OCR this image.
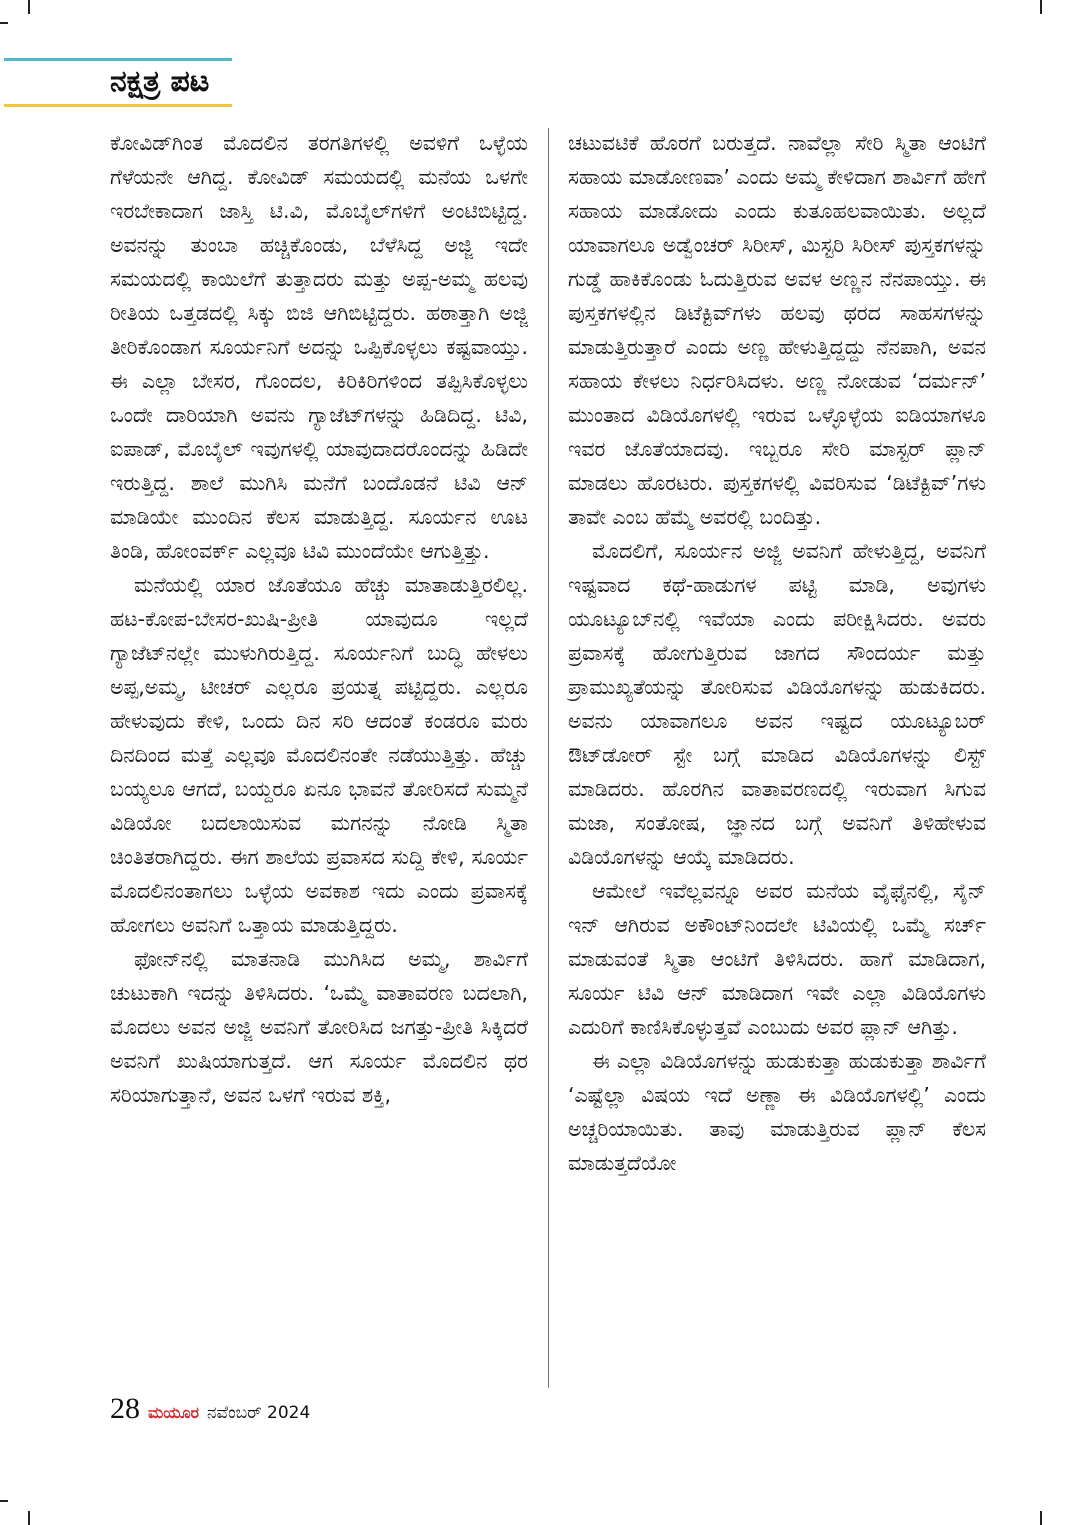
ನಕ್ಷತ್ರ ಪಟ

ಕೋವಿಡ್‌ಗಿಂತ ಮೊದಲಿನ ತರಗತಿಗಳಲ್ಲಿ ಅವಳಿಗೆ ಒಳ್ಳೆಯ ಗೆಳೆಯನೇ ಆಗಿದ್ದ. ಕೋವಿಡ್ ಸಮಯದಲ್ಲಿ ಮನೆಯ ಒಳಗೇ ಇರಬೇಕಾದಾಗ ಜಾಸ್ತಿ ಟಿ.ವಿ, ಮೊಬೈಲ್‌ಗಳಿಗೆ ಅಂಟಿಬಿಟ್ಟಿದ್ದ. ಅವನನ್ನು ತುಂಬಾ ಹಚ್ಚಿಕೊಂಡು, ಬೆಳೆಸಿದ್ದ ಅಜ್ಜಿ ಇದೇ ಸಮಯದಲ್ಲಿ ಕಾಯಿಲೆಗೆ ತುತ್ತಾದರು ಮತ್ತು ಅಪ್ಪ-ಅಮ್ಮ ಹಲವು ರೀತಿಯ ಒತ್ತಡದಲ್ಲಿ ಸಿಕ್ಕು ಬಿಜಿ ಆಗಿಬಿಟ್ಟಿದ್ದರು. ಹಠಾತ್ತಾಗಿ ಅಜ್ಜಿ ತೀರಿಕೊಂಡಾಗ ಸೂರ್ಯನಿಗೆ ಅದನ್ನು ಒಪ್ಪಿಕೊಳ್ಳಲು ಕಷ್ಟವಾಯ್ತು. ಈ ಎಲ್ಲಾ ಬೇಸರ, ಗೊಂದಲ, ಕಿರಿಕಿರಿಗಳಿಂದ ತಪ್ಪಿಸಿಕೊಳ್ಳಲು ಒಂದೇ ದಾರಿಯಾಗಿ ಅವನು ಗ್ಯಾಜೆಟ್‌ಗಳನ್ನು ಹಿಡಿದಿದ್ದ. ಟಿವಿ, ಐಪಾಡ್, ಮೊಬೈಲ್ ಇವುಗಳಲ್ಲಿ ಯಾವುದಾದರೊಂದನ್ನು ಹಿಡಿದೇ ಇರುತ್ತಿದ್ದ. ಶಾಲೆ ಮುಗಿಸಿ ಮನೆಗೆ ಬಂದೊಡನೆ ಟಿವಿ ಆನ್ ಮಾಡಿಯೇ ಮುಂದಿನ ಕೆಲಸ ಮಾಡುತ್ತಿದ್ದ. ಸೂರ್ಯನ ಊಟ ತಿಂಡಿ, ಹೋಂವರ್ಕ್ ಎಲ್ಲವೂ ಟಿವಿ ಮುಂದೆಯೇ ಆಗುತ್ತಿತ್ತು.

ಮನೆಯಲ್ಲಿ ಯಾರ ಜೊತೆಯೂ ಹೆಚ್ಚು ಮಾತಾಡುತ್ತಿರಲಿಲ್ಲ. ಹಟ-ಕೋಪ-ಬೇಸರ-ಖುಷಿ-ಪ್ರೀತಿ ಯಾವುದೂ ಇಲ್ಲದೆ ಗ್ಯಾಜೆಟ್‌ನಲ್ಲೇ ಮುಳುಗಿರುತ್ತಿದ್ದ. ಸೂರ್ಯನಿಗೆ ಬುದ್ಧಿ ಹೇಳಲು ಅಪ್ಪ,ಅಮ್ಮ, ಟೀಚರ್ ಎಲ್ಲರೂ ಪ್ರಯತ್ನ ಪಟ್ಟಿದ್ದರು. ಎಲ್ಲರೂ ಹೇಳುವುದು ಕೇಳಿ, ಒಂದು ದಿನ ಸರಿ ಆದಂತೆ ಕಂಡರೂ ಮರು ದಿನದಿಂದ ಮತ್ತೆ ಎಲ್ಲವೂ ಮೊದಲಿನಂತೇ ನಡೆಯುತ್ತಿತ್ತು. ಹೆಚ್ಚು ಬಯ್ಯಲೂ ಆಗದೆ, ಬಯ್ದರೂ ಏನೂ ಭಾವನೆ ತೋರಿಸದೆ ಸುಮ್ಮನೆ ವಿಡಿಯೋ ಬದಲಾಯಿಸುವ ಮಗನನ್ನು ನೋಡಿ ಸ್ಮಿತಾ ಚಿಂತಿತರಾಗಿದ್ದರು. ಈಗ ಶಾಲೆಯ ಪ್ರವಾಸದ ಸುದ್ದಿ ಕೇಳಿ, ಸೂರ್ಯ ಮೊದಲಿನಂತಾಗಲು ಒಳ್ಳೆಯ ಅವಕಾಶ ಇದು ಎಂದು ಪ್ರವಾಸಕ್ಕೆ ಹೋಗಲು ಅವನಿಗೆ ಒತ್ತಾಯ ಮಾಡುತ್ತಿದ್ದರು.

ಫೋನ್‌ನಲ್ಲಿ ಮಾತನಾಡಿ ಮುಗಿಸಿದ ಅಮ್ಮ, ಶಾರ್ವಿಗೆ ಚುಟುಕಾಗಿ ಇದನ್ನು ತಿಳಿಸಿದರು. ‘ಒಮ್ಮೆ ವಾತಾವರಣ ಬದಲಾಗಿ, ಮೊದಲು ಅವನ ಅಜ್ಜಿ ಅವನಿಗೆ ತೋರಿಸಿದ ಜಗತ್ತು-ಪ್ರೀತಿ ಸಿಕ್ಕಿದರೆ ಅವನಿಗೆ ಖುಷಿಯಾಗುತ್ತದೆ. ಆಗ ಸೂರ್ಯ ಮೊದಲಿನ ಥರ ಸರಿಯಾಗುತ್ತಾನೆ, ಅವನ ಒಳಗೆ ಇರುವ ಶಕ್ತಿ,

ಚಟುವಟಿಕೆ ಹೊರಗೆ ಬರುತ್ತದೆ. ನಾವೆಲ್ಲಾ ಸೇರಿ ಸ್ಮಿತಾ ಆಂಟಿಗೆ ಸಹಾಯ ಮಾಡೋಣವಾ’ ಎಂದು ಅಮ್ಮ ಕೇಳಿದಾಗ ಶಾರ್ವಿಗೆ ಹೇಗೆ ಸಹಾಯ ಮಾಡೋದು ಎಂದು ಕುತೂಹಲವಾಯಿತು. ಅಲ್ಲದೆ ಯಾವಾಗಲೂ ಅಡ್ವೆಂಚರ್ ಸಿರೀಸ್, ಮಿಸ್ಟರಿ ಸಿರೀಸ್ ಪುಸ್ತಕಗಳನ್ನು ಗುಡ್ಡೆ ಹಾಕಿಕೊಂಡು ಓದುತ್ತಿರುವ ಅವಳ ಅಣ್ಣನ ನೆನಪಾಯ್ತು. ಈ ಪುಸ್ತಕಗಳಲ್ಲಿನ ಡಿಟೆಕ್ಟಿವ್‌ಗಳು ಹಲವು ಥರದ ಸಾಹಸಗಳನ್ನು ಮಾಡುತ್ತಿರುತ್ತಾರೆ ಎಂದು ಅಣ್ಣ ಹೇಳುತ್ತಿದ್ದದ್ದು ನೆನಪಾಗಿ, ಅವನ ಸಹಾಯ ಕೇಳಲು ನಿರ್ಧರಿಸಿದಳು. ಅಣ್ಣ ನೋಡುವ ‘ದರ್ಮನ್’ ಮುಂತಾದ ವಿಡಿಯೊಗಳಲ್ಲಿ ಇರುವ ಒಳ್ಳೊಳ್ಳೆಯ ಐಡಿಯಾಗಳೂ ಇವರ ಜೊತೆಯಾದವು. ಇಬ್ಬರೂ ಸೇರಿ ಮಾಸ್ಟರ್ ಪ್ಲಾನ್ ಮಾಡಲು ಹೊರಟರು. ಪುಸ್ತಕಗಳಲ್ಲಿ ವಿವರಿಸುವ ‘ಡಿಟೆಕ್ಟಿವ್’ಗಳು ತಾವೇ ಎಂಬ ಹೆಮ್ಮೆ ಅವರಲ್ಲಿ ಬಂದಿತ್ತು.

ಮೊದಲಿಗೆ, ಸೂರ್ಯನ ಅಜ್ಜಿ ಅವನಿಗೆ ಹೇಳುತ್ತಿದ್ದ, ಅವನಿಗೆ ಇಷ್ಟವಾದ ಕಥೆ-ಹಾಡುಗಳ ಪಟ್ಟಿ ಮಾಡಿ, ಅವುಗಳು ಯೂಟ್ಯೂಬ್‌ನಲ್ಲಿ ಇವೆಯಾ ಎಂದು ಪರೀಕ್ಷಿಸಿದರು. ಅವರು ಪ್ರವಾಸಕ್ಕೆ ಹೋಗುತ್ತಿರುವ ಜಾಗದ ಸೌಂದರ್ಯ ಮತ್ತು ಪ್ರಾಮುಖ್ಯತೆಯನ್ನು ತೋರಿಸುವ ವಿಡಿಯೊಗಳನ್ನು ಹುಡುಕಿದರು. ಅವನು ಯಾವಾಗಲೂ ಅವನ ಇಷ್ಟದ ಯೂಟ್ಯೂಬರ್ ಔಟ್‌ಡೋರ್ ಸ್ಟೇ ಬಗ್ಗೆ ಮಾಡಿದ ವಿಡಿಯೊಗಳನ್ನು ಲಿಸ್ಟ್ ಮಾಡಿದರು. ಹೊರಗಿನ ವಾತಾವರಣದಲ್ಲಿ ಇರುವಾಗ ಸಿಗುವ ಮಜಾ, ಸಂತೋಷ, ಜ್ಞಾನದ ಬಗ್ಗೆ ಅವನಿಗೆ ತಿಳಿಹೇಳುವ ವಿಡಿಯೊಗಳನ್ನು ಆಯ್ಕೆ ಮಾಡಿದರು.

ಆಮೇಲೆ ಇವೆಲ್ಲವನ್ನೂ ಅವರ ಮನೆಯ ವೈಫೈನಲ್ಲಿ, ಸೈನ್ ಇನ್ ಆಗಿರುವ ಅಕೌಂಟ್‌ನಿಂದಲೇ ಟಿವಿಯಲ್ಲಿ ಒಮ್ಮೆ ಸರ್ಚ್ ಮಾಡುವಂತೆ ಸ್ಮಿತಾ ಆಂಟಿಗೆ ತಿಳಿಸಿದರು. ಹಾಗೆ ಮಾಡಿದಾಗ, ಸೂರ್ಯ ಟಿವಿ ಆನ್ ಮಾಡಿದಾಗ ಇವೇ ಎಲ್ಲಾ ವಿಡಿಯೊಗಳು ಎದುರಿಗೆ ಕಾಣಿಸಿಕೊಳ್ಳುತ್ತವೆ ಎಂಬುದು ಅವರ ಪ್ಲಾನ್ ಆಗಿತ್ತು.

ಈ ಎಲ್ಲಾ ವಿಡಿಯೊಗಳನ್ನು ಹುಡುಕುತ್ತಾ ಹುಡುಕುತ್ತಾ ಶಾರ್ವಿಗೆ ‘ಎಷ್ಟೆಲ್ಲಾ ವಿಷಯ ಇದೆ ಅಣ್ಣಾ ಈ ವಿಡಿಯೊಗಳಲ್ಲಿ’ ಎಂದು ಅಚ್ಚರಿಯಾಯಿತು. ತಾವು ಮಾಡುತ್ತಿರುವ ಪ್ಲಾನ್ ಕೆಲಸ ಮಾಡುತ್ತದೆಯೋ

28 ಮಯೂರ ನವೆಂಬರ್ 2024
